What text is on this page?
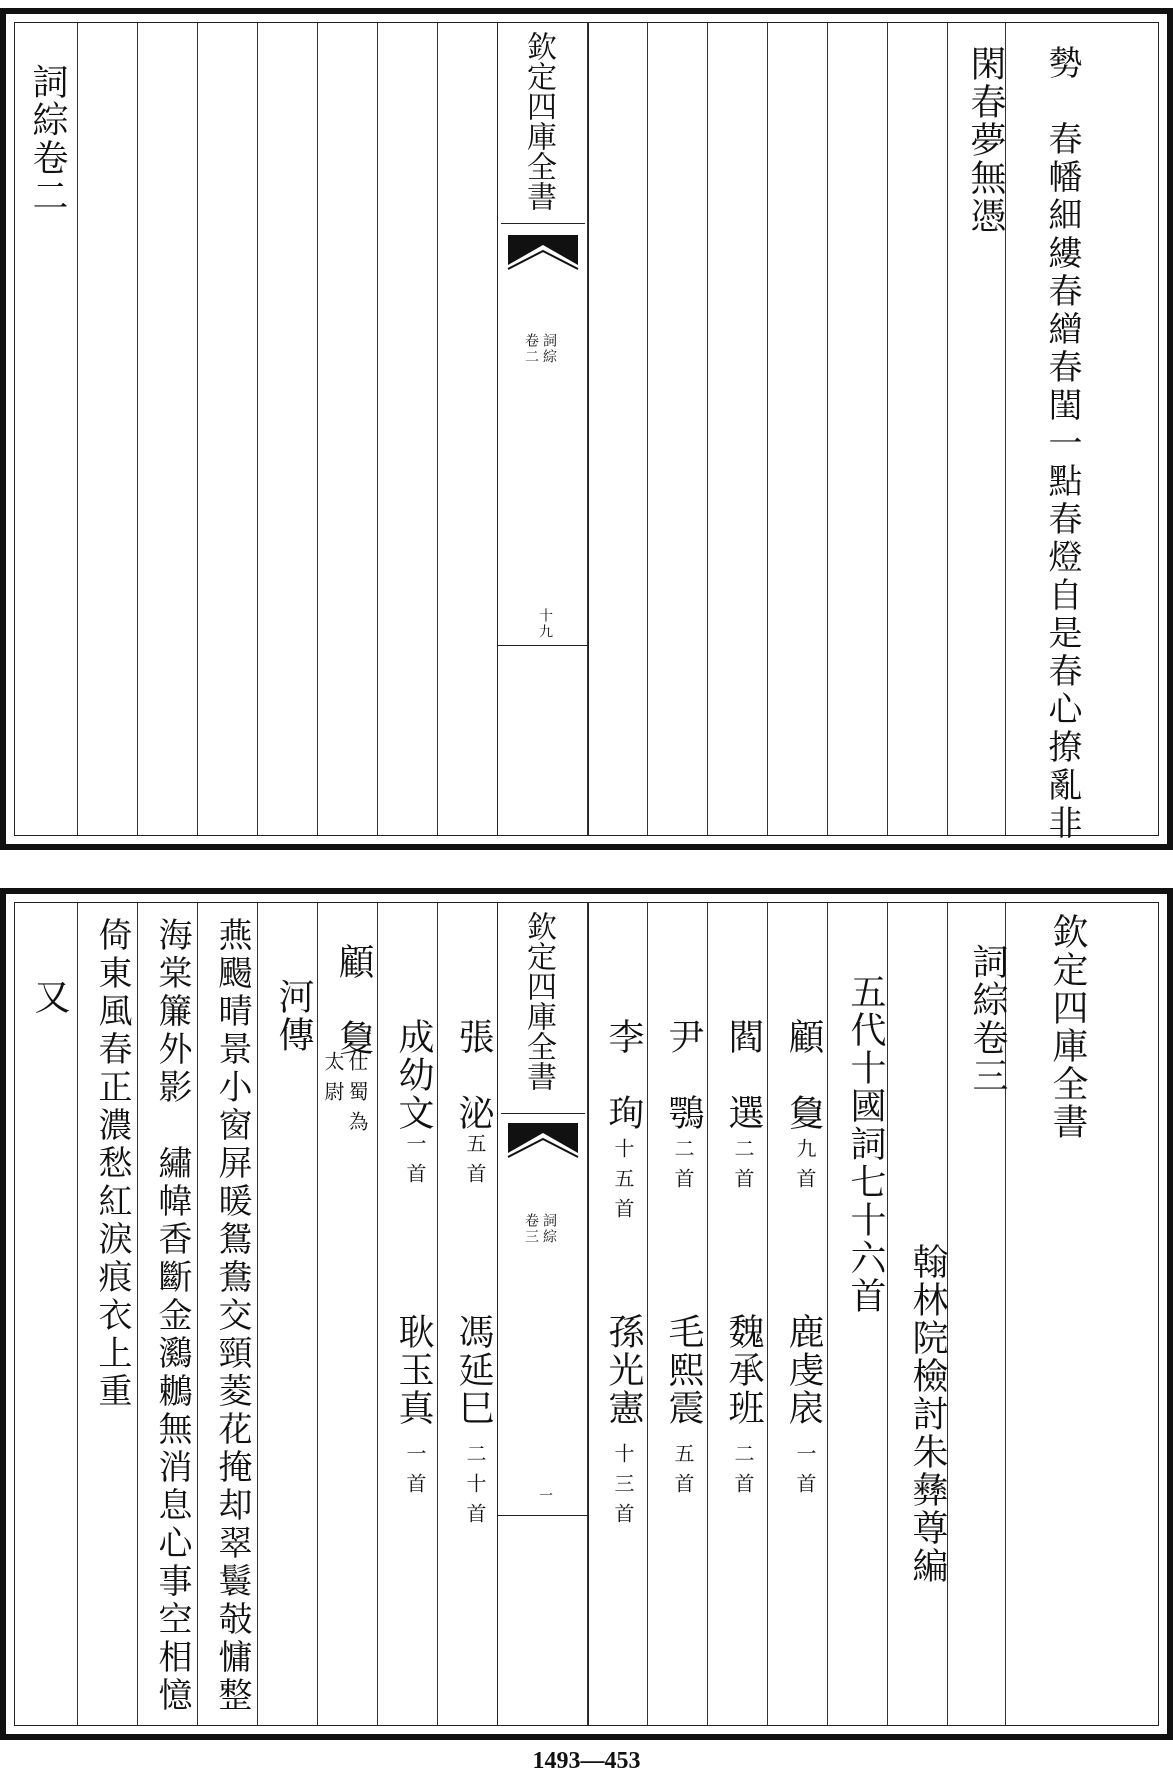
勢　春幡細縷春繒春閨一點春燈自是春心撩亂非
閑春夢無憑
欽定四庫全書
詞綜
卷二
十九
詞綜卷二
欽定四庫全書
詞綜卷三
翰林院檢討朱彝尊編
五代十國詞七十六首
顧　敻
九首
閻　選
二首
尹　鶚
二首
李　珣
十五首
鹿虔扆
一首
魏承班
二首
毛熙震
五首
孫光憲
十三首
欽定四庫全書
詞綜
卷三
一
張　泌
五首
成幼文
一首
馮延巳
二十首
耿玉真
一首
顧　敻
仕蜀為
太尉
河傳
燕颺晴景小窗屏暖鴛鴦交頸菱花掩却翠鬟攲慵整
海棠簾外影　繡幃香斷金鸂鶒無消息心事空相憶
倚東風春正濃愁紅淚痕衣上重
又
1493—453
